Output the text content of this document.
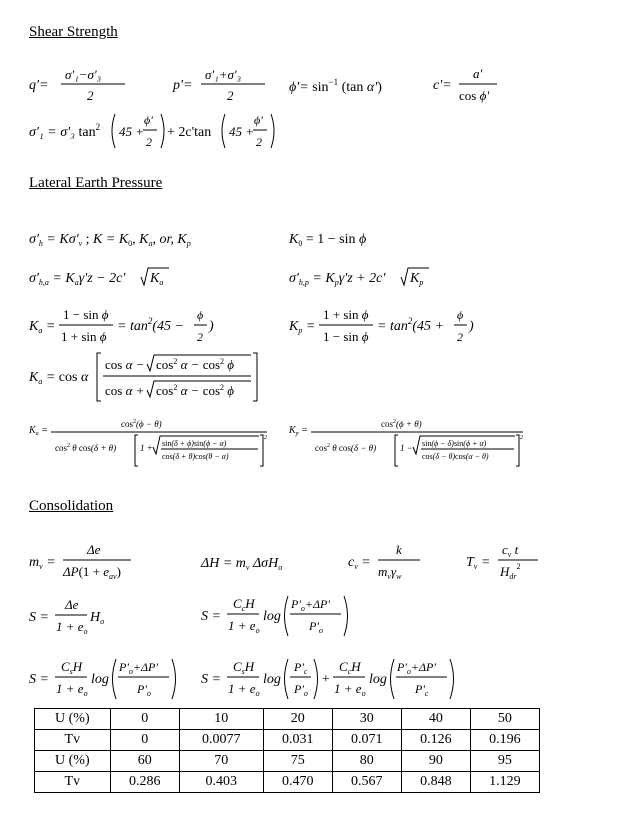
Shear Strength
q'=
σ'₁−σ'₃
2
p'=
σ'₁+σ'₃
2
$\phi'= \sin^{-1} (\tan$ α')	c'=
a'
cos ϕ'
σ'₁ = σ'₃ $\tan^2 45$ +
ϕ'
2
+ 2c'tan 45 +
ϕ'
2
Lateral Earth Pressure
$\sigma'_h = K\sigma'_v$ ; $K = K_0$, $K_a$, or, $K_p$	$K_0 = 1 - \sin \phi$
$\sigma'_{h,a} = K_a\gamma'z - 2c'$ $K_a$	$\sigma'_{h,p} = K_p\gamma'z + 2c'$ $K_p$
$K_a$ =
1 − sin ϕ
1 + sin ϕ
= $\tan^2(45$ −
ϕ
2
)	$K_p$ =
1 + sin ϕ
1 − sin ϕ
= $\tan^2(45$ +
ϕ
2
)
$K_a = \cos \alpha$
$\cos \alpha - \cos^2 \alpha - \cos^2 \phi$
$\cos \alpha + \cos^2 \alpha - \cos^2 \phi$
$K_a$ =
$\cos^2(\phi - \theta)$
$\cos^2 \theta$ cos(δ + θ)	1 + sin(δ + ϕ)sin(ϕ − α)
cos(δ + θ)cos(θ − α)
2
$K_p$ =
$\cos^2(\phi + \theta)$
$\cos^2 \theta$ cos(δ − θ)	1 − sin(ϕ − δ)sin(ϕ + α)
cos(δ − θ)cos(α − θ)
2
Consolidation
$m_v$ =
Δe
$\Delta P(1 + e_{av})$
$\Delta H = m_v$ ΔσH$_o$	$c_v$ =
k
$m_v\gamma_w$
$T_v$ =
$c_v$ t
$H_{dr}^2$
S =
Δe
$1 + e_o$
$H_o$	S =
$C_cH$
$1 + e_o$
log
$P'_o+\Delta P'$
$P'_o$
S =
$C_sH$
$1 + e_o$
log
$P'_o+\Delta P'$
$P'_o$
S =
$C_sH$
$1 + e_o$
log
$P'_c$
$P'_o$
+
$C_cH$
$1 + e_o$
log
$P'_o+\Delta P'$
$P'_c$
U (%)	0	10	20	30	40	50
Tv	0	0.0077	0.031	0.071	0.126	0.196
U (%)	60	70	75	80	90	95
Tv	0.286	0.403	0.470	0.567	0.848	1.129
